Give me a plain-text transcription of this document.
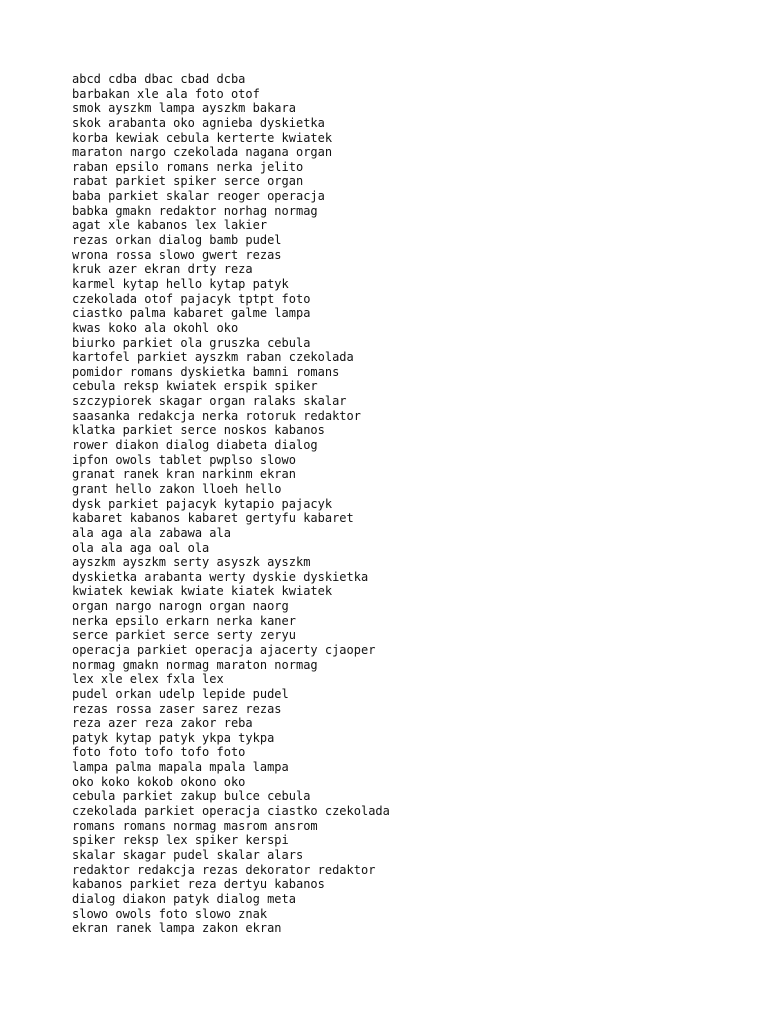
abcd cdba dbac cbad dcba
barbakan xle ala foto otof
smok ayszkm lampa ayszkm bakara
skok arabanta oko agnieba dyskietka
korba kewiak cebula kerterte kwiatek
maraton nargo czekolada nagana organ
raban epsilo romans nerka jelito
rabat parkiet spiker serce organ
baba parkiet skalar reoger operacja
babka gmakn redaktor norhag normag
agat xle kabanos lex lakier
rezas orkan dialog bamb pudel
wrona rossa slowo gwert rezas
kruk azer ekran drty reza
karmel kytap hello kytap patyk
czekolada otof pajacyk tptpt foto
ciastko palma kabaret galme lampa
kwas koko ala okohl oko
biurko parkiet ola gruszka cebula
kartofel parkiet ayszkm raban czekolada
pomidor romans dyskietka bamni romans
cebula reksp kwiatek erspik spiker
szczypiorek skagar organ ralaks skalar
saasanka redakcja nerka rotoruk redaktor
klatka parkiet serce noskos kabanos
rower diakon dialog diabeta dialog
ipfon owols tablet pwplso slowo
granat ranek kran narkinm ekran
grant hello zakon lloeh hello
dysk parkiet pajacyk kytapio pajacyk
kabaret kabanos kabaret gertyfu kabaret
ala aga ala zabawa ala
ola ala aga oal ola
ayszkm ayszkm serty asyszk ayszkm
dyskietka arabanta werty dyskie dyskietka
kwiatek kewiak kwiate kiatek kwiatek
organ nargo narogn organ naorg
nerka epsilo erkarn nerka kaner
serce parkiet serce serty zeryu
operacja parkiet operacja ajacerty cjaoper
normag gmakn normag maraton normag
lex xle elex fxla lex
pudel orkan udelp lepide pudel
rezas rossa zaser sarez rezas
reza azer reza zakor reba
patyk kytap patyk ykpa tykpa
foto foto tofo tofo foto
lampa palma mapala mpala lampa
oko koko kokob okono oko
cebula parkiet zakup bulce cebula
czekolada parkiet operacja ciastko czekolada
romans romans normag masrom ansrom
spiker reksp lex spiker kerspi
skalar skagar pudel skalar alars
redaktor redakcja rezas dekorator redaktor
kabanos parkiet reza dertyu kabanos
dialog diakon patyk dialog meta
slowo owols foto slowo znak
ekran ranek lampa zakon ekran
